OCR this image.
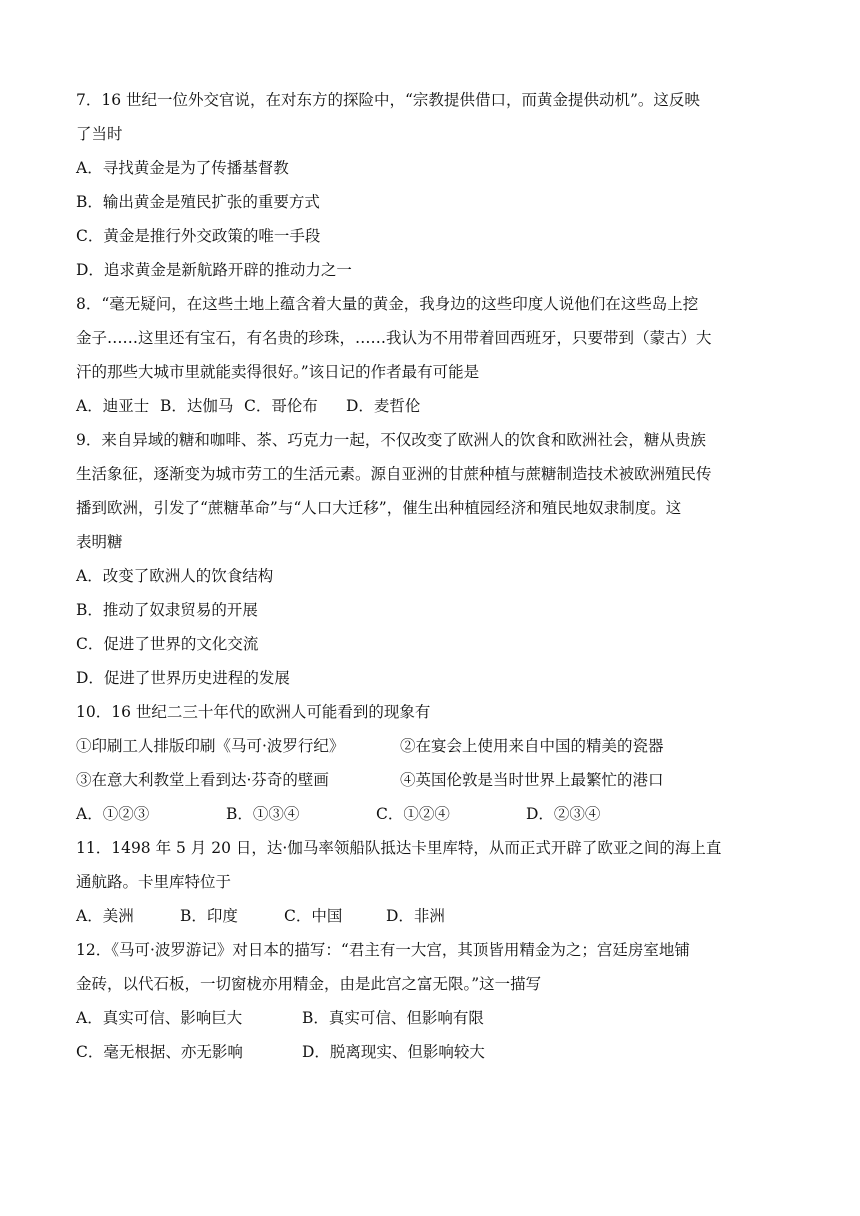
7．16 世纪一位外交官说，在对东方的探险中，“宗教提供借口，而黄金提供动机”。这反映
了当时
A．寻找黄金是为了传播基督教
B．输出黄金是殖民扩张的重要方式
C．黄金是推行外交政策的唯一手段
D．追求黄金是新航路开辟的推动力之一
8．“毫无疑问，在这些土地上蕴含着大量的黄金，我身边的这些印度人说他们在这些岛上挖
金子……这里还有宝石，有名贵的珍珠，……我认为不用带着回西班牙，只要带到（蒙古）大
汗的那些大城市里就能卖得很好。”该日记的作者最有可能是
A．迪亚士 B．达伽马 C．哥伦布	D．麦哲伦
9．来自异域的糖和咖啡、茶、巧克力一起，不仅改变了欧洲人的饮食和欧洲社会，糖从贵族
生活象征，逐渐变为城市劳工的生活元素。源自亚洲的甘蔗种植与蔗糖制造技术被欧洲殖民传
播到欧洲，引发了“蔗糖革命”与“人口大迁移”，催生出种植园经济和殖民地奴隶制度。这
表明糖
A．改变了欧洲人的饮食结构
B．推动了奴隶贸易的开展
C．促进了世界的文化交流
D．促进了世界历史进程的发展
10．16 世纪二三十年代的欧洲人可能看到的现象有
①印刷工人排版印刷《马可·波罗行纪》	②在宴会上使用来自中国的精美的瓷器
③在意大利教堂上看到达·芬奇的壁画	④英国伦敦是当时世界上最繁忙的港口
A．①②③	B．①③④	C．①②④	D．②③④
11．1498 年 5 月 20 日，达·伽马率领船队抵达卡里库特，从而正式开辟了欧亚之间的海上直
通航路。卡里库特位于
A．美洲	B．印度	C．中国	D．非洲
12．《马可·波罗游记》对日本的描写：“君主有一大宫，其顶皆用精金为之；宫廷房室地铺
金砖，以代石板，一切窗栊亦用精金，由是此宫之富无限。”这一描写
A．真实可信、影响巨大	B．真实可信、但影响有限
C．毫无根据、亦无影响	D．脱离现实、但影响较大
